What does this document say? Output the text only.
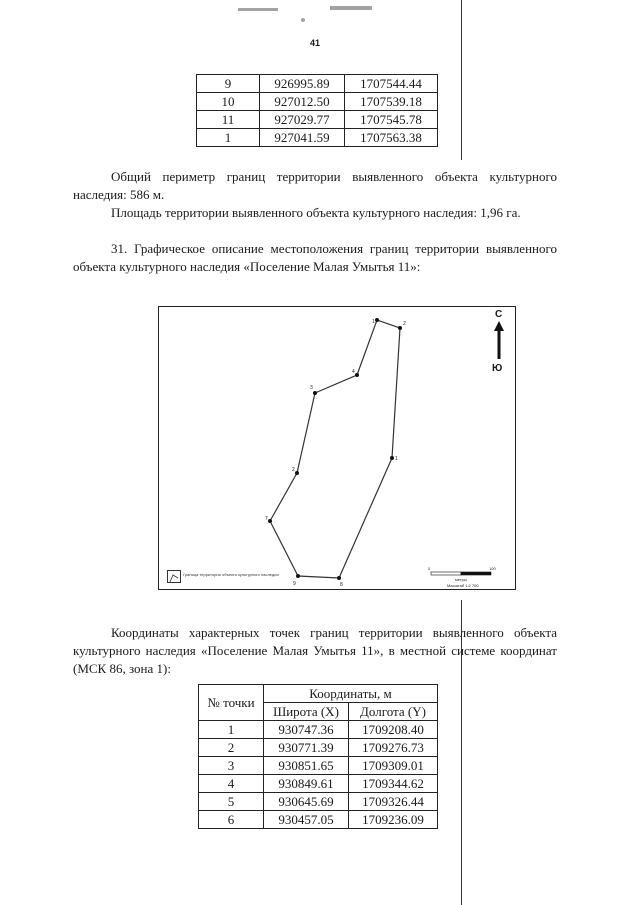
41
9	926995.89	1707544.44
10	927012.50	1707539.18
11	927029.77	1707545.78
1	927041.59	1707563.38

Общий периметр границ территории выявленного объекта культурного наследия: 586 м.

Площадь территории выявленного объекта культурного наследия: 1,96 га.

31. Графическое описание местоположения границ территории выявленного объекта культурного наследия «Поселение Малая Умытья 11»:

1	2
1
8
9
7
2
3
4
С
Ю
Граница территории объекта культурного наследия
0	100
метры
Масштаб 1:2 700

Координаты характерных точек границ территории выявленного объекта культурного наследия «Поселение Малая Умытья 11», в местной системе координат (МСК 86, зона 1):

№ точки	Координаты, м	
	Широта (X)	Долгота (Y)
1	930747.36	1709208.40
2	930771.39	1709276.73
3	930851.65	1709309.01
4	930849.61	1709344.62
5	930645.69	1709326.44
6	930457.05	1709236.09
